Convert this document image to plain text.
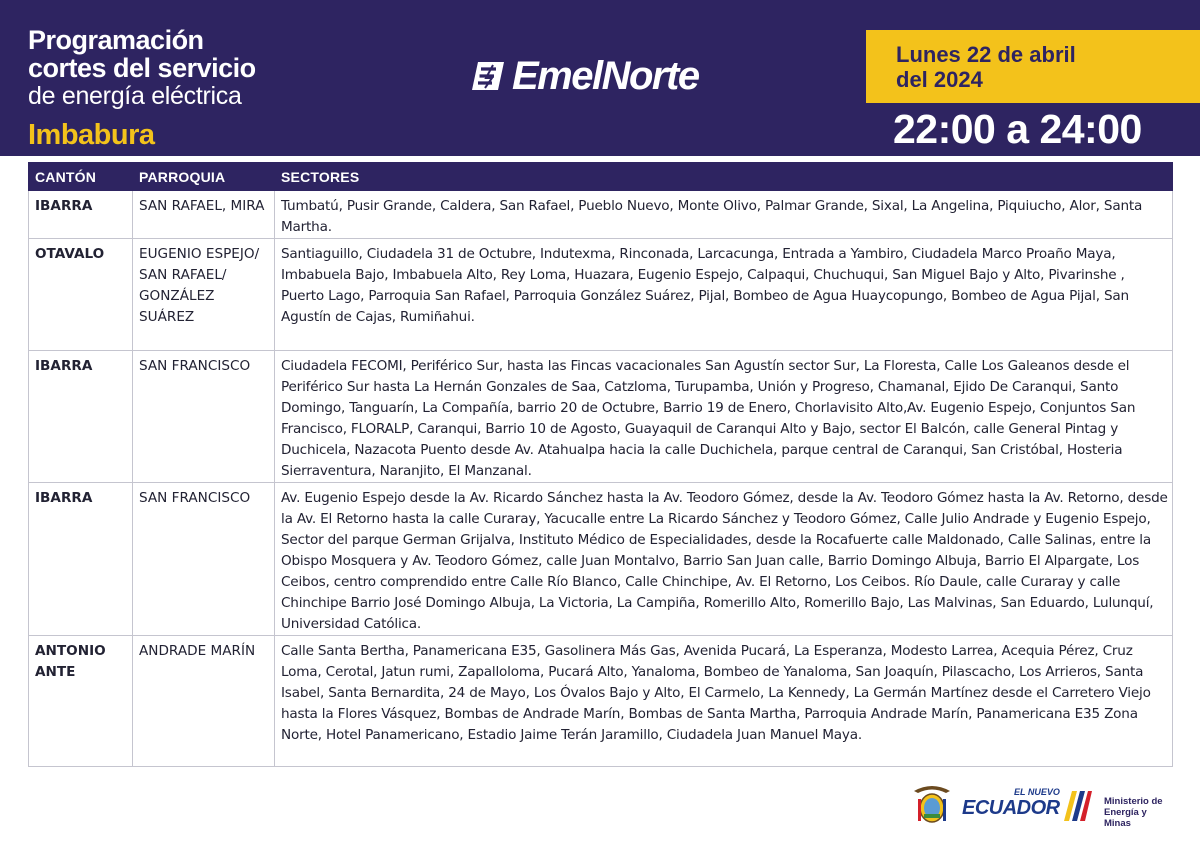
Programación
cortes del servicio
de energía eléctrica
Imbabura
EmelNorte	Lunes 22 de abril
del 2024
22:00 a 24:00
CANTÓN	PARROQUIA	SECTORES
IBARRA	SAN RAFAEL, MIRA	Tumbatú, Pusir Grande, Caldera, San Rafael, Pueblo Nuevo, Monte Olivo, Palmar Grande, Sixal, La Angelina, Piquiucho, Alor, Santa Martha.
OTAVALO	EUGENIO ESPEJO/ SAN RAFAEL/ GONZÁLEZ SUÁREZ	Santiaguillo, Ciudadela 31 de Octubre, Indutexma, Rinconada, Larcacunga, Entrada a Yambiro, Ciudadela Marco Proaño Maya, Imbabuela Bajo, Imbabuela Alto, Rey Loma, Huazara, Eugenio Espejo, Calpaqui, Chuchuqui, San Miguel Bajo y Alto, Pivarinshe , Puerto Lago, Parroquia San Rafael, Parroquia González Suárez, Pijal, Bombeo de Agua Huaycopungo, Bombeo de Agua Pijal, San Agustín de Cajas, Rumiñahui.
IBARRA	SAN FRANCISCO	Ciudadela FECOMI, Periférico Sur, hasta las Fincas vacacionales San Agustín sector Sur, La Floresta, Calle Los Galeanos desde el Periférico Sur hasta La Hernán Gonzales de Saa, Catzloma, Turupamba, Unión y Progreso, Chamanal, Ejido De Caranqui, Santo Domingo, Tanguarín, La Compañía, barrio 20 de Octubre, Barrio 19 de Enero, Chorlavisito Alto,Av. Eugenio Espejo, Conjuntos San Francisco, FLORALP, Caranqui, Barrio 10 de Agosto, Guayaquil de Caranqui Alto y Bajo, sector El Balcón, calle General Pintag y Duchicela, Nazacota Puento desde Av. Atahualpa hacia la calle Duchichela, parque central de Caranqui, San Cristóbal, Hosteria Sierraventura, Naranjito, El Manzanal.
IBARRA	SAN FRANCISCO	Av. Eugenio Espejo desde la Av. Ricardo Sánchez hasta la Av. Teodoro Gómez, desde la Av. Teodoro Gómez hasta la Av. Retorno, desde la Av. El Retorno hasta la calle Curaray, Yacucalle entre La Ricardo Sánchez y Teodoro Gómez, Calle Julio Andrade y Eugenio Espejo, Sector del parque German Grijalva, Instituto Médico de Especialidades, desde la Rocafuerte calle Maldonado, Calle Salinas, entre la Obispo Mosquera y Av. Teodoro Gómez, calle Juan Montalvo, Barrio San Juan calle, Barrio Domingo Albuja, Barrio El Alpargate, Los Ceibos, centro comprendido entre Calle Río Blanco, Calle Chinchipe, Av. El Retorno, Los Ceibos. Río Daule, calle Curaray y calle Chinchipe Barrio José Domingo Albuja, La Victoria, La Campiña, Romerillo Alto, Romerillo Bajo, Las Malvinas, San Eduardo, Lulunquí, Universidad Católica.
ANTONIO ANTE	ANDRADE MARÍN	Calle Santa Bertha, Panamericana E35, Gasolinera Más Gas, Avenida Pucará, La Esperanza, Modesto Larrea, Acequia Pérez, Cruz Loma, Cerotal, Jatun rumi, Zapalloloma, Pucará Alto, Yanaloma, Bombeo de Yanaloma, San Joaquín, Pilascacho, Los Arrieros, Santa Isabel, Santa Bernardita, 24 de Mayo, Los Óvalos Bajo y Alto, El Carmelo, La Kennedy, La Germán Martínez desde el Carretero Viejo hasta la Flores Vásquez, Bombas de Andrade Marín, Bombas de Santa Martha, Parroquia Andrade Marín, Panamericana E35 Zona Norte, Hotel Panamericano, Estadio Jaime Terán Jaramillo, Ciudadela Juan Manuel Maya.
EL NUEVO
ECUADOR	Ministerio de
Energía y Minas
